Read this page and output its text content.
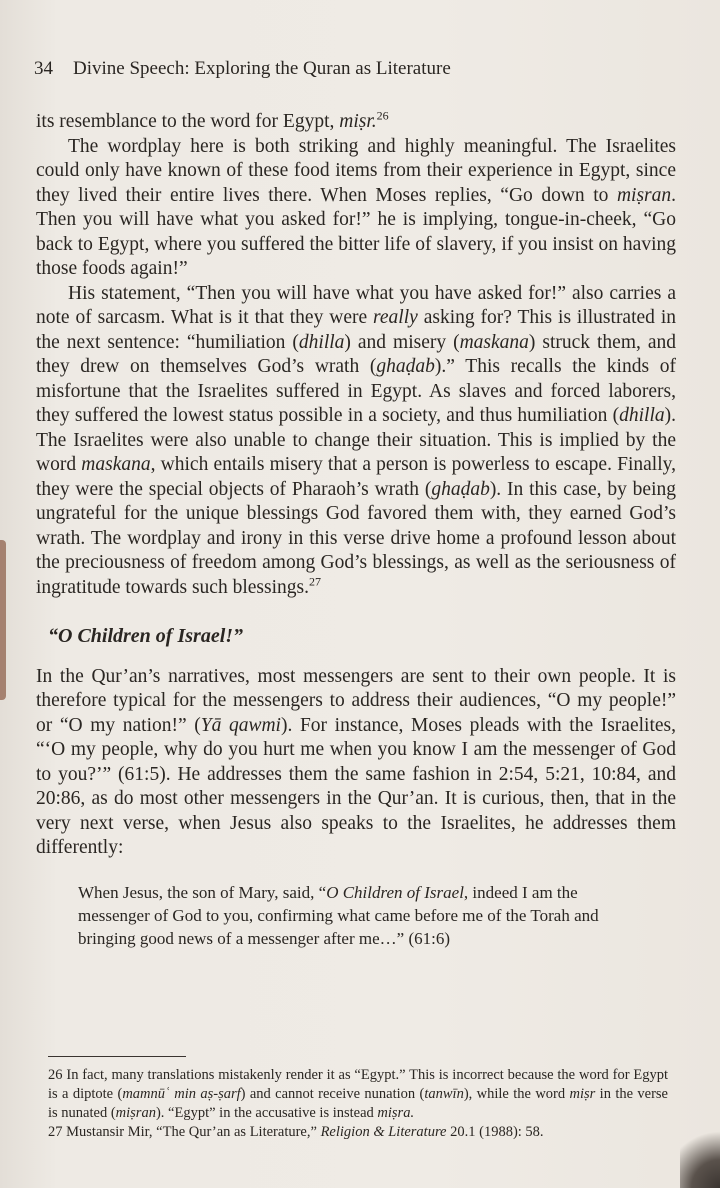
34 Divine Speech: Exploring the Quran as Literature

its resemblance to the word for Egypt, miṣr.$^{26}$

The wordplay here is both striking and highly meaningful. The Israelites could only have known of these food items from their experience in Egypt, since they lived their entire lives there. When Moses replies, “Go down to miṣran. Then you will have what you asked for!” he is implying, tongue-in-cheek, “Go back to Egypt, where you suffered the bitter life of slavery, if you insist on having those foods again!”

His statement, “Then you will have what you have asked for!” also carries a note of sarcasm. What is it that they were really asking for? This is illustrated in the next sentence: “humiliation (dhilla) and misery (maskana) struck them, and they drew on themselves God’s wrath (ghaḍab).” This recalls the kinds of misfortune that the Israelites suffered in Egypt. As slaves and forced laborers, they suffered the lowest status possible in a society, and thus humiliation (dhilla). The Israelites were also unable to change their situation. This is implied by the word maskana, which entails misery that a person is powerless to escape. Finally, they were the special objects of Pharaoh’s wrath (ghaḍab). In this case, by being ungrateful for the unique blessings God favored them with, they earned God’s wrath. The wordplay and irony in this verse drive home a profound lesson about the preciousness of freedom among God’s blessings, as well as the seriousness of ingratitude towards such blessings.$^{27}$

“O Children of Israel!”

In the Qur’an’s narratives, most messengers are sent to their own people. It is therefore typical for the messengers to address their audiences, “O my people!” or “O my nation!” (Yā qawmi). For instance, Moses pleads with the Israelites, “‘O my people, why do you hurt me when you know I am the messenger of God to you?’” (61:5). He addresses them the same fashion in 2:54, 5:21, 10:84, and 20:86, as do most other messengers in the Qur’an. It is curious, then, that in the very next verse, when Jesus also speaks to the Israelites, he addresses them differently:

When Jesus, the son of Mary, said, “O Children of Israel, indeed I am the messenger of God to you, confirming what came before me of the Torah and bringing good news of a messenger after me…” (61:6)

26 In fact, many translations mistakenly render it as “Egypt.” This is incorrect because the word for Egypt is a diptote (mamnūʿ min aṣ-ṣarf) and cannot receive nunation (tanwīn), while the word miṣr in the verse is nunated (miṣran). “Egypt” in the accusative is instead miṣra.

27 Mustansir Mir, “The Qur’an as Literature,” Religion & Literature 20.1 (1988): 58.
